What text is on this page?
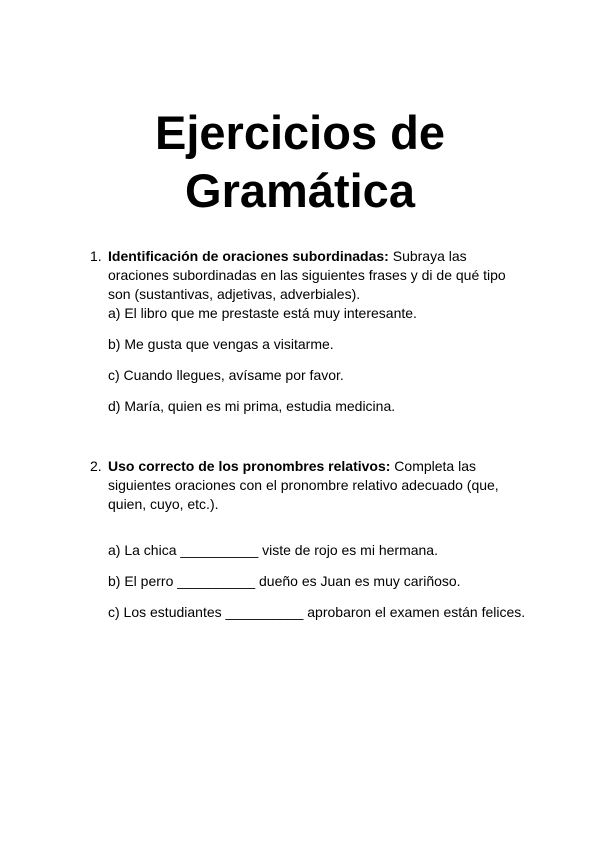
Ejercicios de
Gramática
1. Identificación de oraciones subordinadas: Subraya las oraciones subordinadas en las siguientes frases y di de qué tipo son (sustantivas, adjetivas, adverbiales).
a) El libro que me prestaste está muy interesante.
b) Me gusta que vengas a visitarme.
c) Cuando llegues, avísame por favor.
d) María, quien es mi prima, estudia medicina.
2. Uso correcto de los pronombres relativos: Completa las siguientes oraciones con el pronombre relativo adecuado (que, quien, cuyo, etc.).
a) La chica __________ viste de rojo es mi hermana.
b) El perro __________ dueño es Juan es muy cariñoso.
c) Los estudiantes __________ aprobaron el examen están felices.
